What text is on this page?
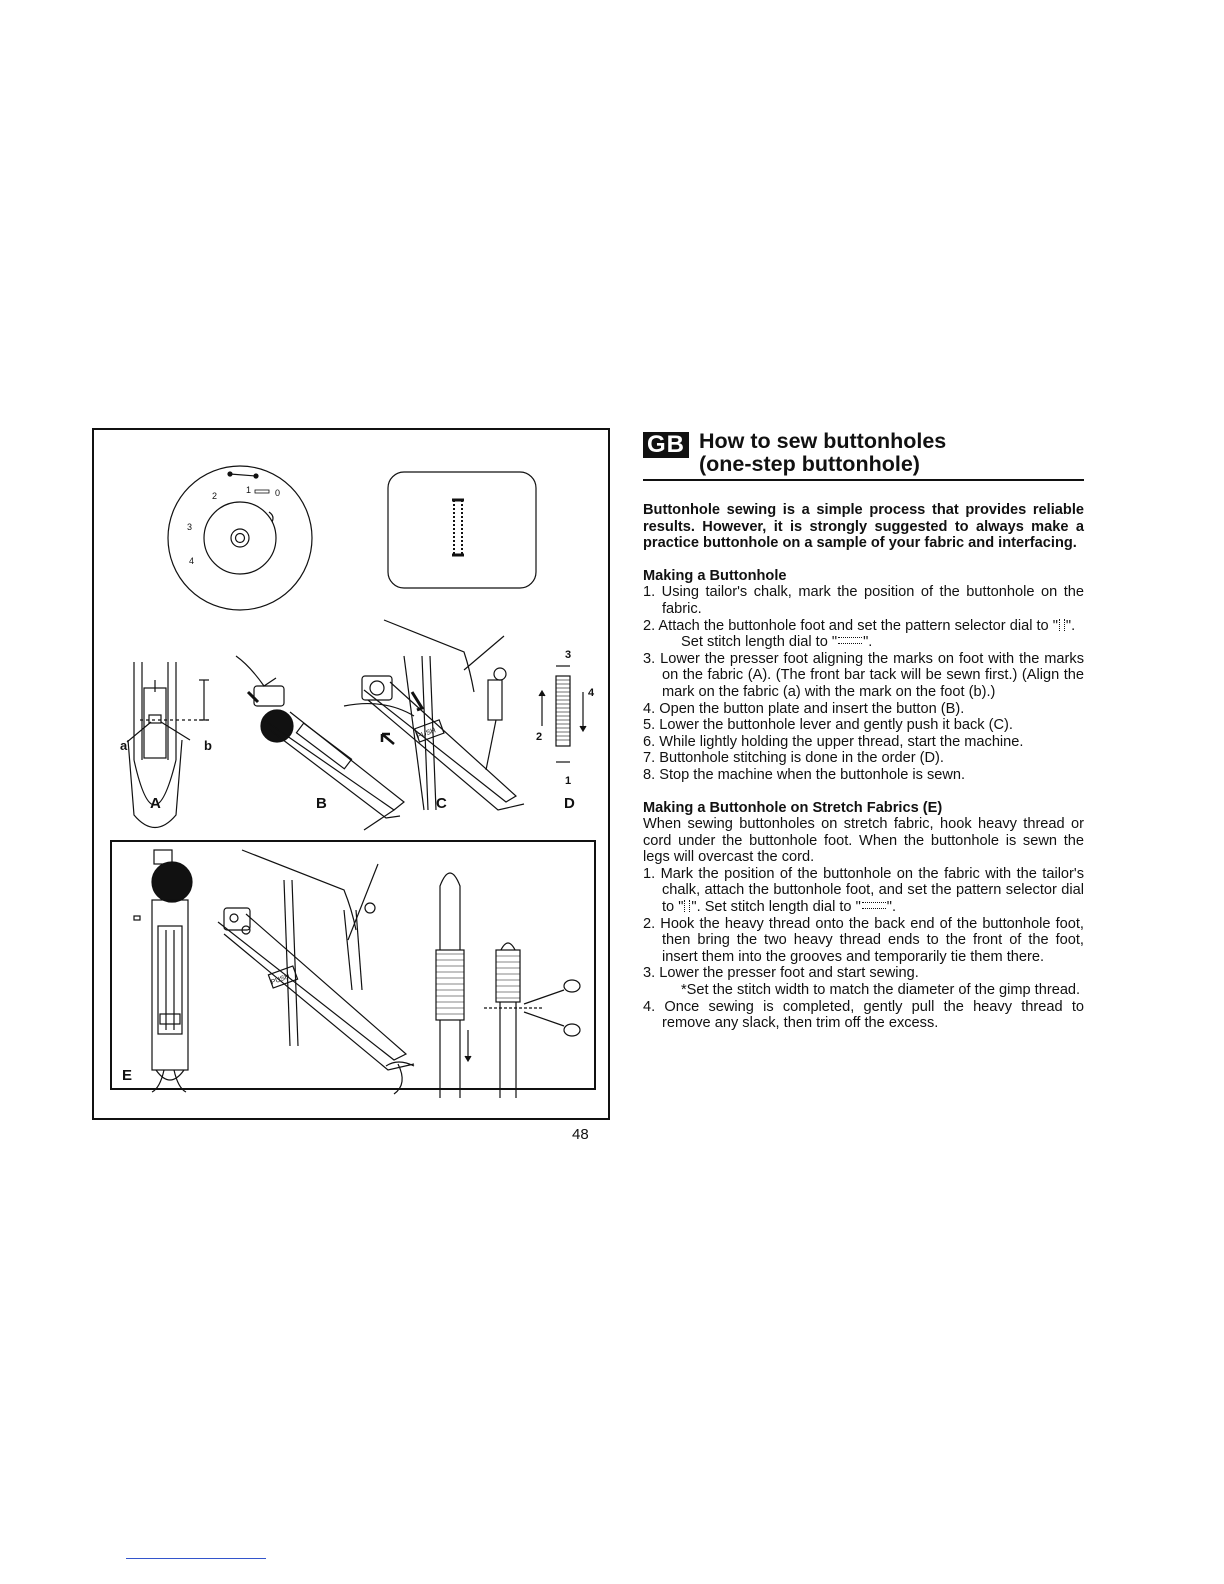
1
2
3
4
0
a	b
PUSH
3
2
4
1
A	B	C	D
PUSH
E
48
GB How to sew buttonholes
(one-step buttonhole)
Buttonhole sewing is a simple process that provides reliable results. However, it is strongly suggested to always make a practice buttonhole on a sample of your fabric and interfacing.
Making a Buttonhole
1. Using tailor's chalk, mark the position of the buttonhole on the fabric.
2. Attach the buttonhole foot and set the pattern selector dial to " ".
Set stitch length dial to " ".
3. Lower the presser foot aligning the marks on foot with the marks on the fabric (A). (The front bar tack will be sewn first.) (Align the mark on the fabric (a) with the mark on the foot (b).)
4. Open the button plate and insert the button (B).
5. Lower the buttonhole lever and gently push it back (C).
6. While lightly holding the upper thread, start the machine.
7. Buttonhole stitching is done in the order (D).
8. Stop the machine when the buttonhole is sewn.
Making a Buttonhole on Stretch Fabrics (E)

When sewing buttonholes on stretch fabric, hook heavy thread or cord under the buttonhole foot. When the buttonhole is sewn the legs will overcast the cord.

1. Mark the position of the buttonhole on the fabric with the tailor's chalk, attach the buttonhole foot, and set the pattern selector dial to " ". Set stitch length dial to " ".
2. Hook the heavy thread onto the back end of the buttonhole foot, then bring the two heavy thread ends to the front of the foot, insert them into the grooves and temporarily tie them there.
3. Lower the presser foot and start sewing.
*Set the stitch width to match the diameter of the gimp thread.
4. Once sewing is completed, gently pull the heavy thread to remove any slack, then trim off the excess.
